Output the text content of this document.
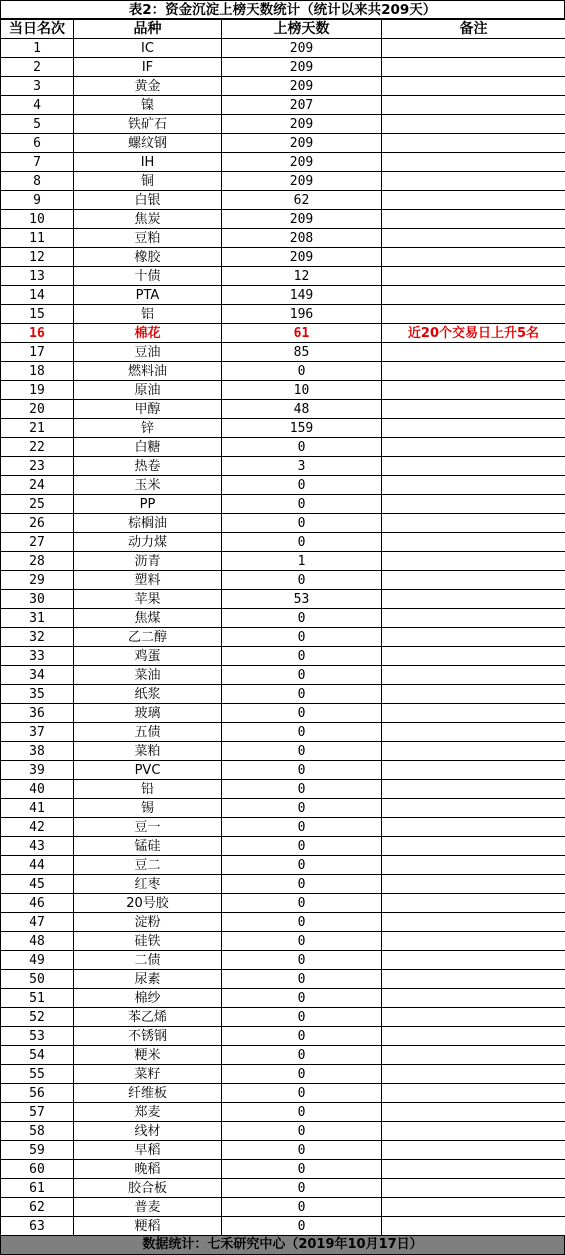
表2：资金沉淀上榜天数统计（统计以来共209天）
当日名次	品种	上榜天数	备注
1	IC	209	
2	IF	209	
3	黄金	209	
4	镍	207	
5	铁矿石	209	
6	螺纹钢	209	
7	IH	209	
8	铜	209	
9	白银	62	
10	焦炭	209	
11	豆粕	208	
12	橡胶	209	
13	十债	12	
14	PTA	149	
15	铝	196	
16	棉花	61	近20个交易日上升5名
17	豆油	85	
18	燃料油	0	
19	原油	10	
20	甲醇	48	
21	锌	159	
22	白糖	0	
23	热卷	3	
24	玉米	0	
25	PP	0	
26	棕榈油	0	
27	动力煤	0	
28	沥青	1	
29	塑料	0	
30	苹果	53	
31	焦煤	0	
32	乙二醇	0	
33	鸡蛋	0	
34	菜油	0	
35	纸浆	0	
36	玻璃	0	
37	五债	0	
38	菜粕	0	
39	PVC	0	
40	铅	0	
41	锡	0	
42	豆一	0	
43	锰硅	0	
44	豆二	0	
45	红枣	0	
46	20号胶	0	
47	淀粉	0	
48	硅铁	0	
49	二债	0	
50	尿素	0	
51	棉纱	0	
52	苯乙烯	0	
53	不锈钢	0	
54	粳米	0	
55	菜籽	0	
56	纤维板	0	
57	郑麦	0	
58	线材	0	
59	早稻	0	
60	晚稻	0	
61	胶合板	0	
62	普麦	0	
63	粳稻	0	
数据统计：七禾研究中心（2019年10月17日）
